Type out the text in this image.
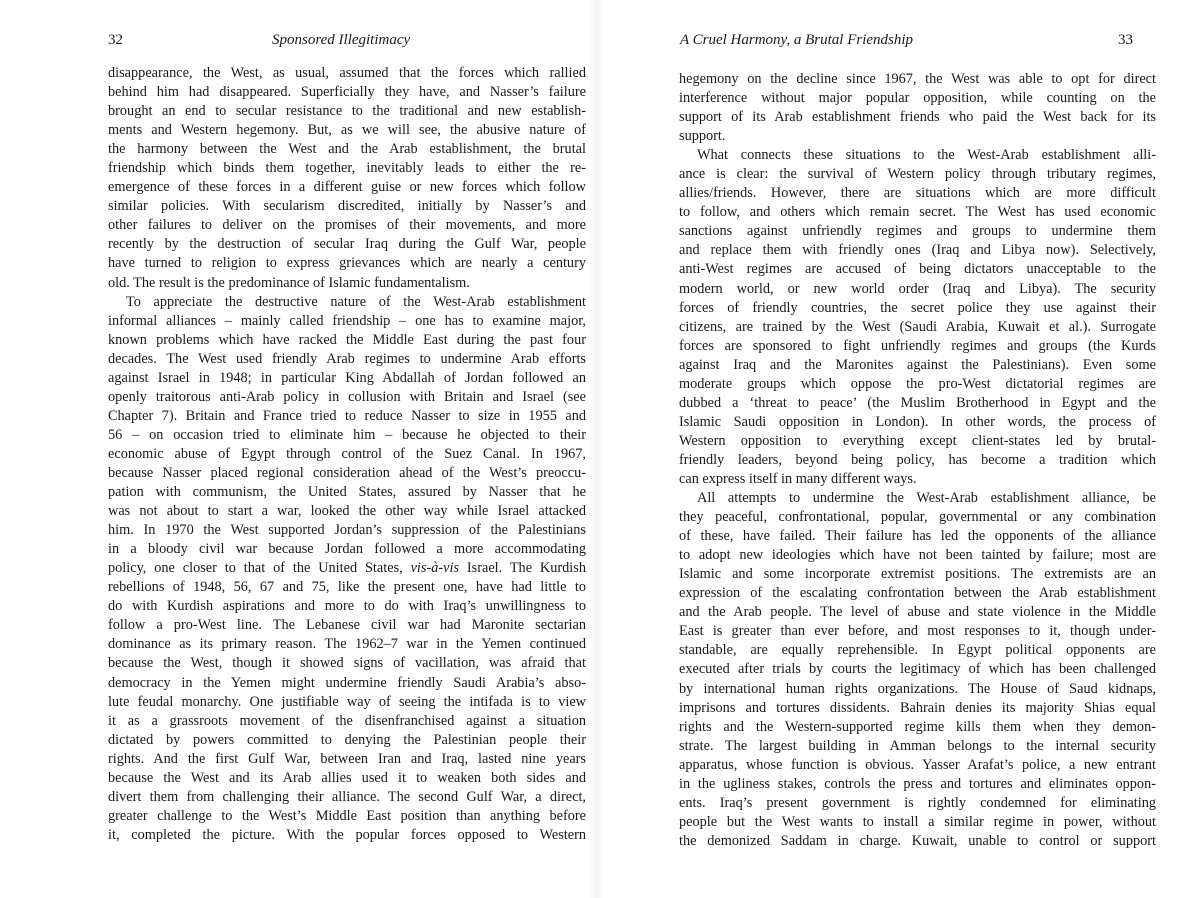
32	Sponsored Illegitimacy
disappearance, the West, as usual, assumed that the forces which rallied
behind him had disappeared. Superficially they have, and Nasser’s failure
brought an end to secular resistance to the traditional and new establish-
ments and Western hegemony. But, as we will see, the abusive nature of
the harmony between the West and the Arab establishment, the brutal
friendship which binds them together, inevitably leads to either the re-
emergence of these forces in a different guise or new forces which follow
similar policies. With secularism discredited, initially by Nasser’s and
other failures to deliver on the promises of their movements, and more
recently by the destruction of secular Iraq during the Gulf War, people
have turned to religion to express grievances which are nearly a century
old. The result is the predominance of Islamic fundamentalism.
To appreciate the destructive nature of the West-Arab establishment
informal alliances – mainly called friendship – one has to examine major,
known problems which have racked the Middle East during the past four
decades. The West used friendly Arab regimes to undermine Arab efforts
against Israel in 1948; in particular King Abdallah of Jordan followed an
openly traitorous anti-Arab policy in collusion with Britain and Israel (see
Chapter 7). Britain and France tried to reduce Nasser to size in 1955 and
56 – on occasion tried to eliminate him – because he objected to their
economic abuse of Egypt through control of the Suez Canal. In 1967,
because Nasser placed regional consideration ahead of the West’s preoccu-
pation with communism, the United States, assured by Nasser that he
was not about to start a war, looked the other way while Israel attacked
him. In 1970 the West supported Jordan’s suppression of the Palestinians
in a bloody civil war because Jordan followed a more accommodating
policy, one closer to that of the United States, vis-à-vis Israel. The Kurdish
rebellions of 1948, 56, 67 and 75, like the present one, have had little to
do with Kurdish aspirations and more to do with Iraq’s unwillingness to
follow a pro-West line. The Lebanese civil war had Maronite sectarian
dominance as its primary reason. The 1962–7 war in the Yemen continued
because the West, though it showed signs of vacillation, was afraid that
democracy in the Yemen might undermine friendly Saudi Arabia’s abso-
lute feudal monarchy. One justifiable way of seeing the intifada is to view
it as a grassroots movement of the disenfranchised against a situation
dictated by powers committed to denying the Palestinian people their
rights. And the first Gulf War, between Iran and Iraq, lasted nine years
because the West and its Arab allies used it to weaken both sides and
divert them from challenging their alliance. The second Gulf War, a direct,
greater challenge to the West’s Middle East position than anything before
it, completed the picture. With the popular forces opposed to Western
A Cruel Harmony, a Brutal Friendship	33
hegemony on the decline since 1967, the West was able to opt for direct
interference without major popular opposition, while counting on the
support of its Arab establishment friends who paid the West back for its
support.
What connects these situations to the West-Arab establishment alli-
ance is clear: the survival of Western policy through tributary regimes,
allies/friends. However, there are situations which are more difficult
to follow, and others which remain secret. The West has used economic
sanctions against unfriendly regimes and groups to undermine them
and replace them with friendly ones (Iraq and Libya now). Selectively,
anti-West regimes are accused of being dictators unacceptable to the
modern world, or new world order (Iraq and Libya). The security
forces of friendly countries, the secret police they use against their
citizens, are trained by the West (Saudi Arabia, Kuwait et al.). Surrogate
forces are sponsored to fight unfriendly regimes and groups (the Kurds
against Iraq and the Maronites against the Palestinians). Even some
moderate groups which oppose the pro-West dictatorial regimes are
dubbed a ‘threat to peace’ (the Muslim Brotherhood in Egypt and the
Islamic Saudi opposition in London). In other words, the process of
Western opposition to everything except client-states led by brutal-
friendly leaders, beyond being policy, has become a tradition which
can express itself in many different ways.
All attempts to undermine the West-Arab establishment alliance, be
they peaceful, confrontational, popular, governmental or any combination
of these, have failed. Their failure has led the opponents of the alliance
to adopt new ideologies which have not been tainted by failure; most are
Islamic and some incorporate extremist positions. The extremists are an
expression of the escalating confrontation between the Arab establishment
and the Arab people. The level of abuse and state violence in the Middle
East is greater than ever before, and most responses to it, though under-
standable, are equally reprehensible. In Egypt political opponents are
executed after trials by courts the legitimacy of which has been challenged
by international human rights organizations. The House of Saud kidnaps,
imprisons and tortures dissidents. Bahrain denies its majority Shias equal
rights and the Western-supported regime kills them when they demon-
strate. The largest building in Amman belongs to the internal security
apparatus, whose function is obvious. Yasser Arafat’s police, a new entrant
in the ugliness stakes, controls the press and tortures and eliminates oppon-
ents. Iraq’s present government is rightly condemned for eliminating
people but the West wants to install a similar regime in power, without
the demonized Saddam in charge. Kuwait, unable to control or support
